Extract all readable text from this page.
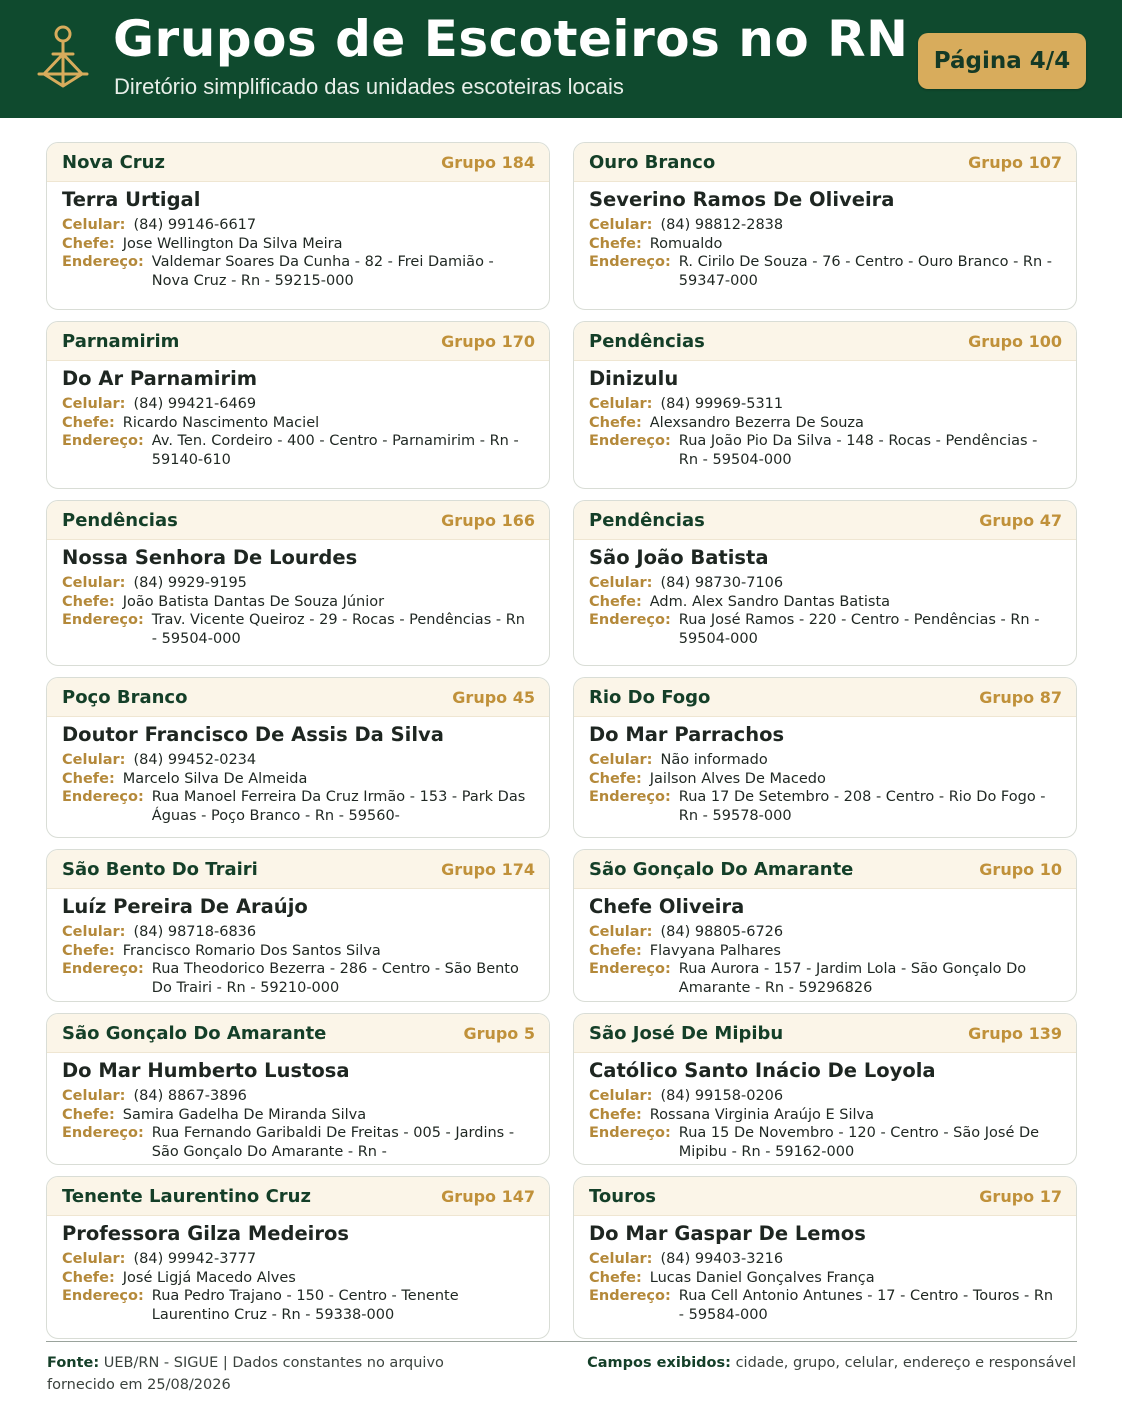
Grupos de Escoteiros no RN
Diretório simplificado das unidades escoteiras locais
Página 4/4
Nova Cruz	Grupo 184
Terra Urtigal
Celular: (84) 99146-6617
Chefe: Jose Wellington Da Silva Meira
Endereço: Valdemar Soares Da Cunha - 82 - Frei Damião - Nova Cruz - Rn - 59215-000
Ouro Branco	Grupo 107
Severino Ramos De Oliveira
Celular: (84) 98812-2838
Chefe: Romualdo
Endereço: R. Cirilo De Souza - 76 - Centro - Ouro Branco - Rn - 59347-000
Parnamirim	Grupo 170
Do Ar Parnamirim
Celular: (84) 99421-6469
Chefe: Ricardo Nascimento Maciel
Endereço: Av. Ten. Cordeiro - 400 - Centro - Parnamirim - Rn - 59140-610
Pendências	Grupo 100
Dinizulu
Celular: (84) 99969-5311
Chefe: Alexsandro Bezerra De Souza
Endereço: Rua João Pio Da Silva - 148 - Rocas - Pendências - Rn - 59504-000
Pendências	Grupo 166
Nossa Senhora De Lourdes
Celular: (84) 9929-9195
Chefe: João Batista Dantas De Souza Júnior
Endereço: Trav. Vicente Queiroz - 29 - Rocas - Pendências - Rn - 59504-000
Pendências	Grupo 47
São João Batista
Celular: (84) 98730-7106
Chefe: Adm. Alex Sandro Dantas Batista
Endereço: Rua José Ramos - 220 - Centro - Pendências - Rn - 59504-000
Poço Branco	Grupo 45
Doutor Francisco De Assis Da Silva
Celular: (84) 99452-0234
Chefe: Marcelo Silva De Almeida
Endereço: Rua Manoel Ferreira Da Cruz Irmão - 153 - Park Das Águas - Poço Branco - Rn - 59560-
Rio Do Fogo	Grupo 87
Do Mar Parrachos
Celular: Não informado
Chefe: Jailson Alves De Macedo
Endereço: Rua 17 De Setembro - 208 - Centro - Rio Do Fogo - Rn - 59578-000
São Bento Do Trairi	Grupo 174
Luíz Pereira De Araújo
Celular: (84) 98718-6836
Chefe: Francisco Romario Dos Santos Silva
Endereço: Rua Theodorico Bezerra - 286 - Centro - São Bento Do Trairi - Rn - 59210-000
São Gonçalo Do Amarante	Grupo 10
Chefe Oliveira
Celular: (84) 98805-6726
Chefe: Flavyana Palhares
Endereço: Rua Aurora - 157 - Jardim Lola - São Gonçalo Do Amarante - Rn - 59296826
São Gonçalo Do Amarante	Grupo 5
Do Mar Humberto Lustosa
Celular: (84) 8867-3896
Chefe: Samira Gadelha De Miranda Silva
Endereço: Rua Fernando Garibaldi De Freitas - 005 - Jardins - São Gonçalo Do Amarante - Rn -
São José De Mipibu	Grupo 139
Católico Santo Inácio De Loyola
Celular: (84) 99158-0206
Chefe: Rossana Virginia Araújo E Silva
Endereço: Rua 15 De Novembro - 120 - Centro - São José De Mipibu - Rn - 59162-000
Tenente Laurentino Cruz	Grupo 147
Professora Gilza Medeiros
Celular: (84) 99942-3777
Chefe: José Ligjá Macedo Alves
Endereço: Rua Pedro Trajano - 150 - Centro - Tenente Laurentino Cruz - Rn - 59338-000
Touros	Grupo 17
Do Mar Gaspar De Lemos
Celular: (84) 99403-3216
Chefe: Lucas Daniel Gonçalves França
Endereço: Rua Cell Antonio Antunes - 17 - Centro - Touros - Rn - 59584-000
Fonte: UEB/RN - SIGUE | Dados constantes no arquivo fornecido em 25/08/2026
Campos exibidos: cidade, grupo, celular, endereço e responsável
